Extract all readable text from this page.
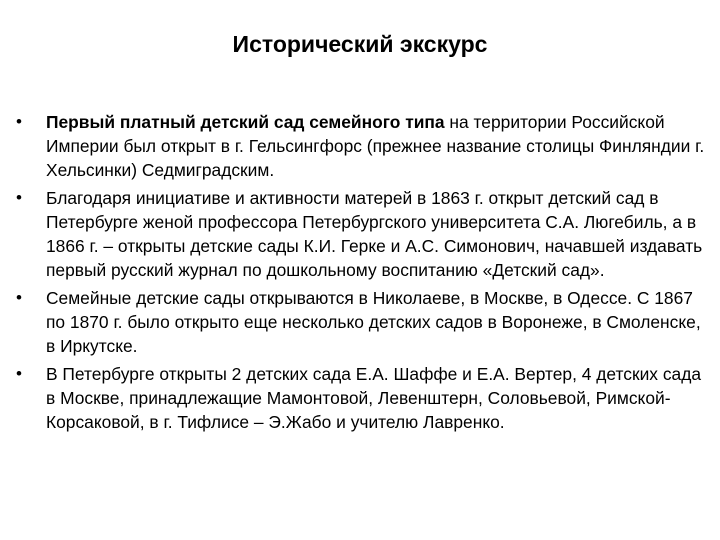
Исторический экскурс
•	Первый платный детский сад семейного типа на территории Российской Империи был открыт в г. Гельсингфорс (прежнее название столицы Финляндии г. Хельсинки) Седмиградским.
•	Благодаря инициативе и активности матерей в 1863 г. открыт детский сад в Петербурге женой профессора Петербургского университета С.А. Люгебиль, а в 1866 г. – открыты детские сады К.И. Герке и А.С. Симонович, начавшей издавать первый русский журнал по дошкольному воспитанию «Детский сад».
•	Семейные детские сады открываются в Николаеве, в Москве, в Одессе. С 1867 по 1870 г. было открыто еще несколько детских садов в Воронеже, в Смоленске, в Иркутске.
•	В Петербурге открыты 2 детских сада Е.А. Шаффе и Е.А. Вертер, 4 детских сада в Москве, принадлежащие Мамонтовой, Левенштерн, Соловьевой, Римской-Корсаковой, в г. Тифлисе – Э.Жабо и учителю Лавренко.
